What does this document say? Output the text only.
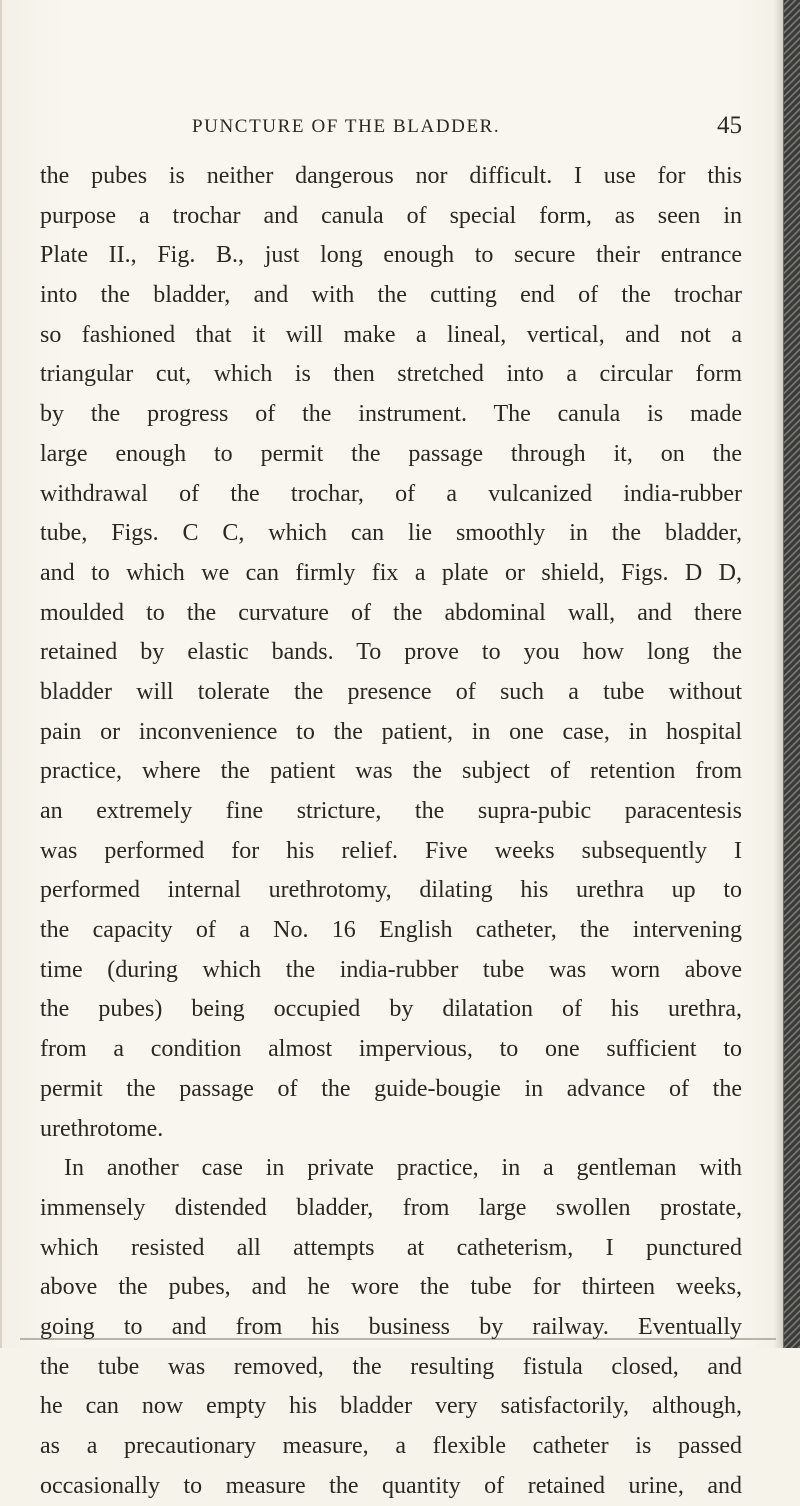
PUNCTURE OF THE BLADDER.	45
the pubes is neither dangerous nor difficult. I use for this
purpose a trochar and canula of special form, as seen in
Plate II., Fig. B., just long enough to secure their entrance
into the bladder, and with the cutting end of the trochar
so fashioned that it will make a lineal, vertical, and not a
triangular cut, which is then stretched into a circular form
by the progress of the instrument. The canula is made
large enough to permit the passage through it, on the
withdrawal of the trochar, of a vulcanized india-rubber
tube, Figs. C C, which can lie smoothly in the bladder,
and to which we can firmly fix a plate or shield, Figs. D D,
moulded to the curvature of the abdominal wall, and there
retained by elastic bands. To prove to you how long the
bladder will tolerate the presence of such a tube without
pain or inconvenience to the patient, in one case, in hospital
practice, where the patient was the subject of retention from
an extremely fine stricture, the supra-pubic paracentesis
was performed for his relief. Five weeks subsequently I
performed internal urethrotomy, dilating his urethra up to
the capacity of a No. 16 English catheter, the intervening
time (during which the india-rubber tube was worn above
the pubes) being occupied by dilatation of his urethra,
from a condition almost impervious, to one sufficient to
permit the passage of the guide-bougie in advance of the
urethrotome.
In another case in private practice, in a gentleman with
immensely distended bladder, from large swollen prostate,
which resisted all attempts at catheterism, I punctured
above the pubes, and he wore the tube for thirteen weeks,
going to and from his business by railway. Eventually
the tube was removed, the resulting fistula closed, and
he can now empty his bladder very satisfactorily, although,
as a precautionary measure, a flexible catheter is passed
occasionally to measure the quantity of retained urine, and
